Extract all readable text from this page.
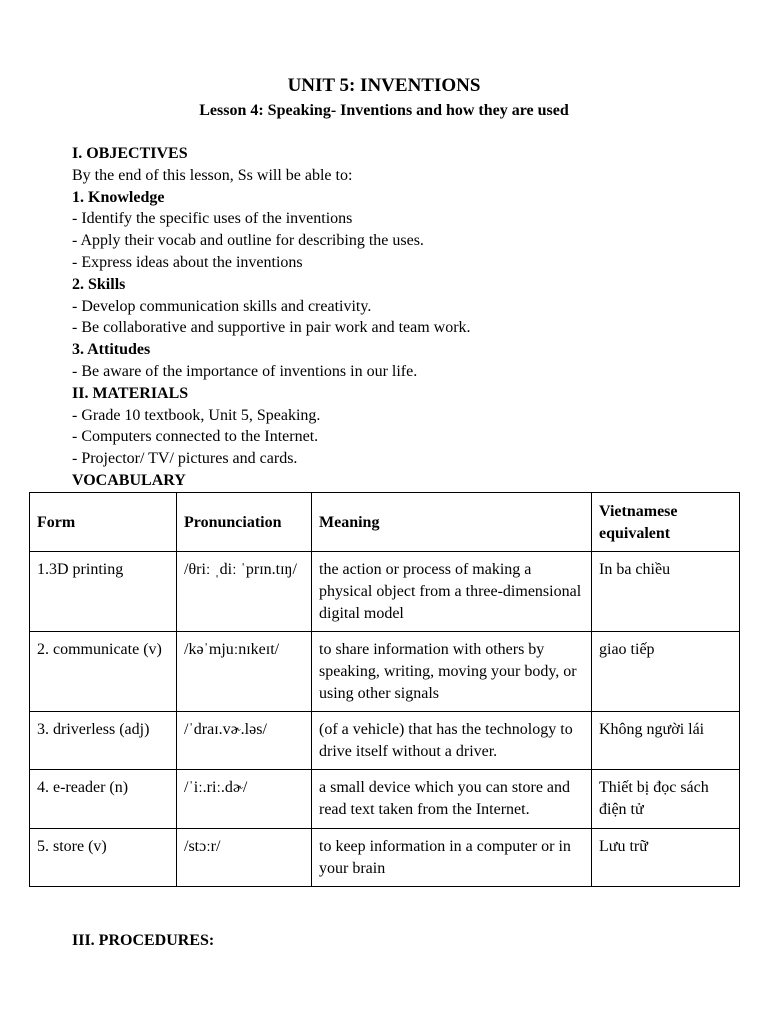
UNIT 5: INVENTIONS
Lesson 4: Speaking- Inventions and how they are used
I. OBJECTIVES
By the end of this lesson, Ss will be able to:
1. Knowledge
- Identify the specific uses of the inventions
- Apply their vocab and outline for describing the uses.
- Express ideas about the inventions
2. Skills
- Develop communication skills and creativity.
- Be collaborative and supportive in pair work and team work.
3. Attitudes
- Be aware of the importance of inventions in our life.
II. MATERIALS
- Grade 10 textbook, Unit 5, Speaking.
- Computers connected to the Internet.
- Projector/ TV/ pictures and cards.
VOCABULARY
Form	Pronunciation	Meaning	Vietnamese equivalent
1.3D printing	/θriː ˌdiː ˈprɪn.tɪŋ/	the action or process of making a physical object from a three-dimensional digital model	In ba chiều
2. communicate (v)	/kəˈmjuːnɪkeɪt/	to share information with others by speaking, writing, moving your body, or using other signals	giao tiếp
3. driverless (adj)	/ˈdraɪ.vɚ.ləs/	(of a vehicle) that has the technology to drive itself without a driver.	Không người lái
4. e-reader (n)	/ˈiː.riː.dɚ/	a small device which you can store and read text taken from the Internet.	Thiết bị đọc sách điện tử
5. store (v)	/stɔːr/	to keep information in a computer or in your brain	Lưu trữ
III. PROCEDURES:
